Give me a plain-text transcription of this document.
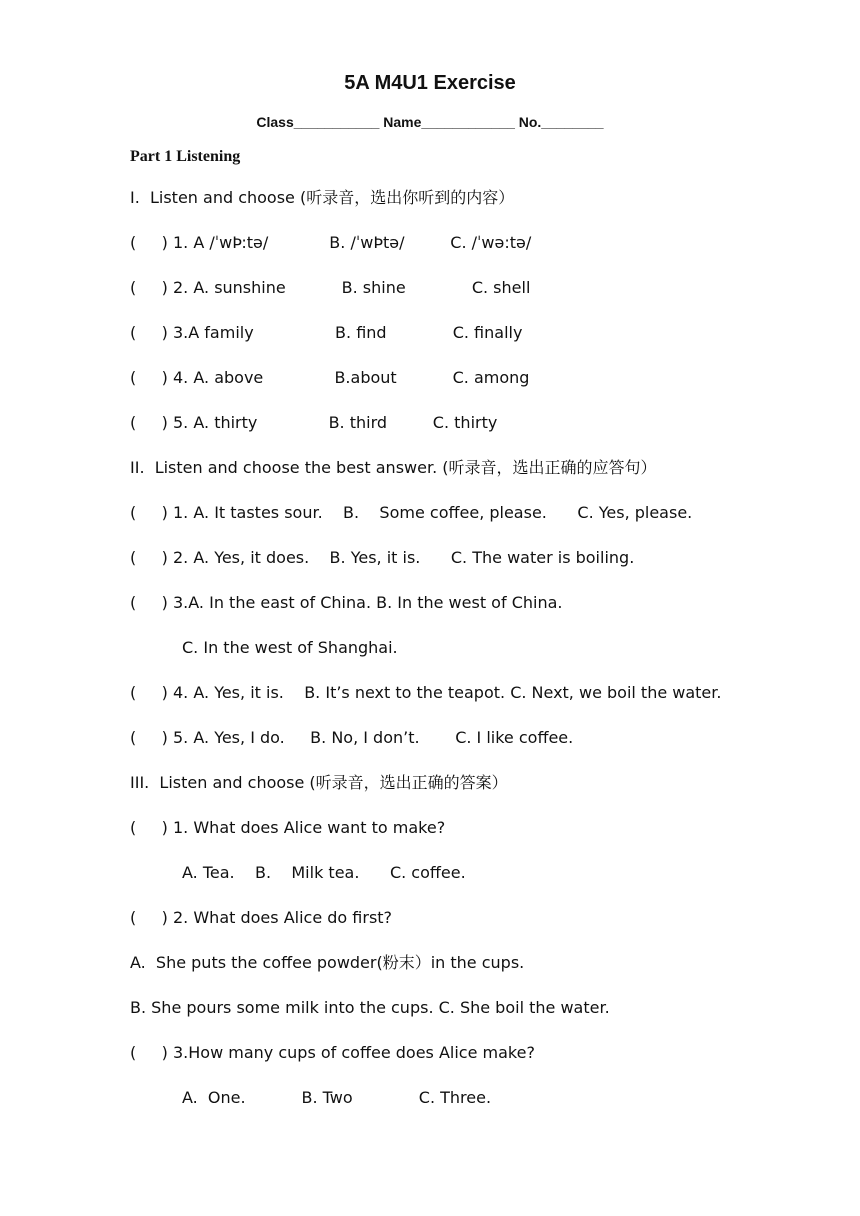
5A M4U1 Exercise
Class___________ Name____________ No.________
Part 1 Listening
I.  Listen and choose (听录音，选出你听到的内容）
(     ) 1. A /ˈwÞ:tə/            B. /ˈwÞtə/         C. /ˈwə:tə/
(     ) 2. A. sunshine           B. shine             C. shell
(     ) 3.A family                B. find             C. finally
(     ) 4. A. above              B.about           C. among
(     ) 5. A. thirty              B. third         C. thirty
II.  Listen and choose the best answer. (听录音，选出正确的应答句）
(     ) 1. A. It tastes sour.    B.    Some coffee, please.      C. Yes, please.
(     ) 2. A. Yes, it does.    B. Yes, it is.      C. The water is boiling.
(     ) 3.A. In the east of China. B. In the west of China.
C. In the west of Shanghai.
(     ) 4. A. Yes, it is.    B. It’s next to the teapot. C. Next, we boil the water.
(     ) 5. A. Yes, I do.     B. No, I don’t.       C. I like coffee.
III.  Listen and choose (听录音，选出正确的答案）
(     ) 1. What does Alice want to make?
A. Tea.    B.    Milk tea.      C. coffee.
(     ) 2. What does Alice do first?
A.  She puts the coffee powder(粉末）in the cups.
B. She pours some milk into the cups. C. She boil the water.
(     ) 3.How many cups of coffee does Alice make?
A.  One.           B. Two             C. Three.
